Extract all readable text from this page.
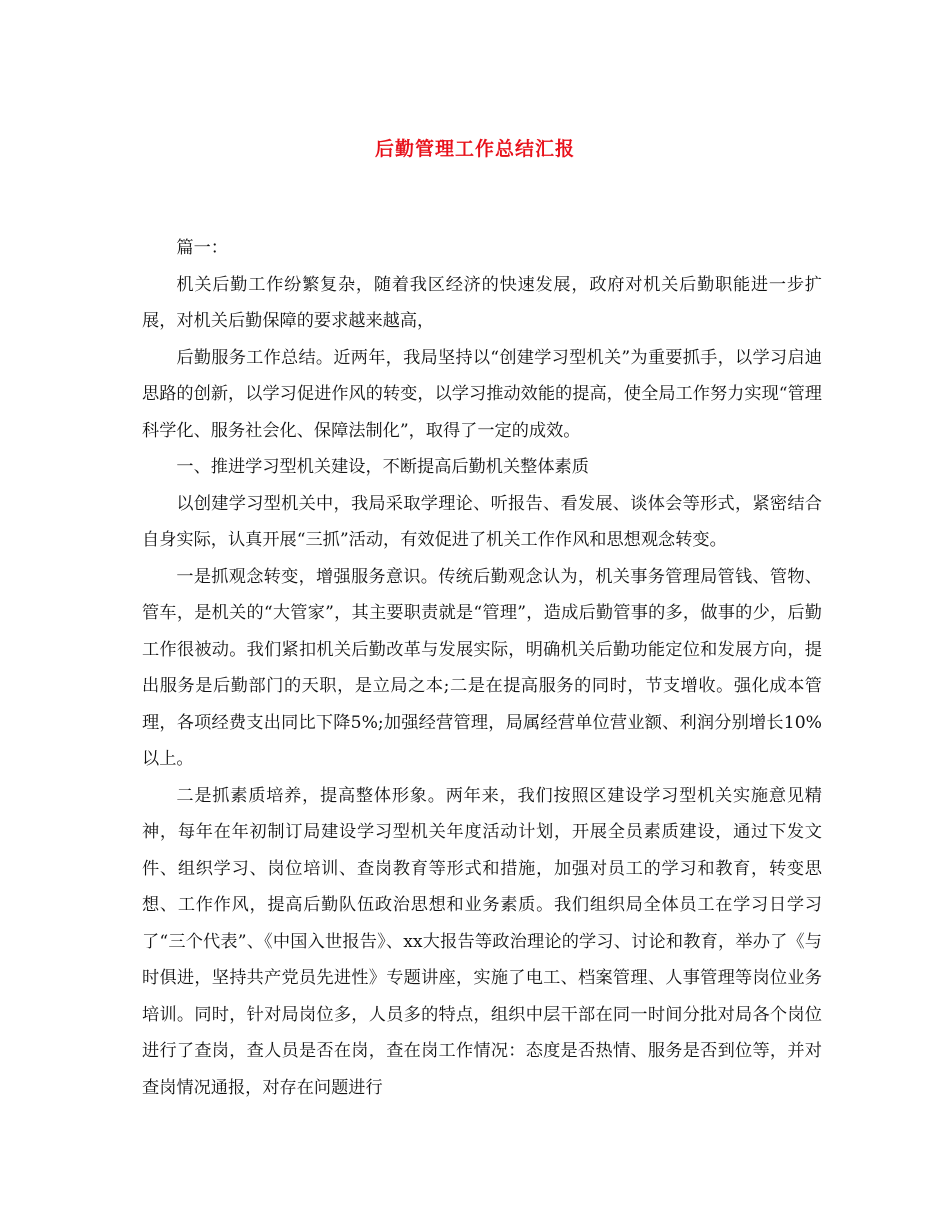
后勤管理工作总结汇报

篇一：

机关后勤工作纷繁复杂，随着我区经济的快速发展，政府对机关后勤职能进一步扩展，对机关后勤保障的要求越来越高，

后勤服务工作总结。近两年，我局坚持以“创建学习型机关”为重要抓手，以学习启迪思路的创新，以学习促进作风的转变，以学习推动效能的提高，使全局工作努力实现“管理科学化、服务社会化、保障法制化”，取得了一定的成效。

一、推进学习型机关建设，不断提高后勤机关整体素质

以创建学习型机关中，我局采取学理论、听报告、看发展、谈体会等形式，紧密结合自身实际，认真开展“三抓”活动，有效促进了机关工作作风和思想观念转变。

一是抓观念转变，增强服务意识。传统后勤观念认为，机关事务管理局管钱、管物、管车，是机关的“大管家”，其主要职责就是“管理”，造成后勤管事的多，做事的少，后勤工作很被动。我们紧扣机关后勤改革与发展实际，明确机关后勤功能定位和发展方向，提出服务是后勤部门的天职，是立局之本;二是在提高服务的同时，节支增收。强化成本管理，各项经费支出同比下降5%;加强经营管理，局属经营单位营业额、利润分别增长10%以上。

二是抓素质培养，提高整体形象。两年来，我们按照区建设学习型机关实施意见精神，每年在年初制订局建设学习型机关年度活动计划，开展全员素质建设，通过下发文件、组织学习、岗位培训、查岗教育等形式和措施，加强对员工的学习和教育，转变思想、工作作风，提高后勤队伍政治思想和业务素质。我们组织局全体员工在学习日学习了“三个代表”、《中国入世报告》、xx大报告等政治理论的学习、讨论和教育，举办了《与时俱进，坚持共产党员先进性》专题讲座，实施了电工、档案管理、人事管理等岗位业务培训。同时，针对局岗位多，人员多的特点，组织中层干部在同一时间分批对局各个岗位进行了查岗，查人员是否在岗，查在岗工作情况：态度是否热情、服务是否到位等，并对查岗情况通报，对存在问题进行
